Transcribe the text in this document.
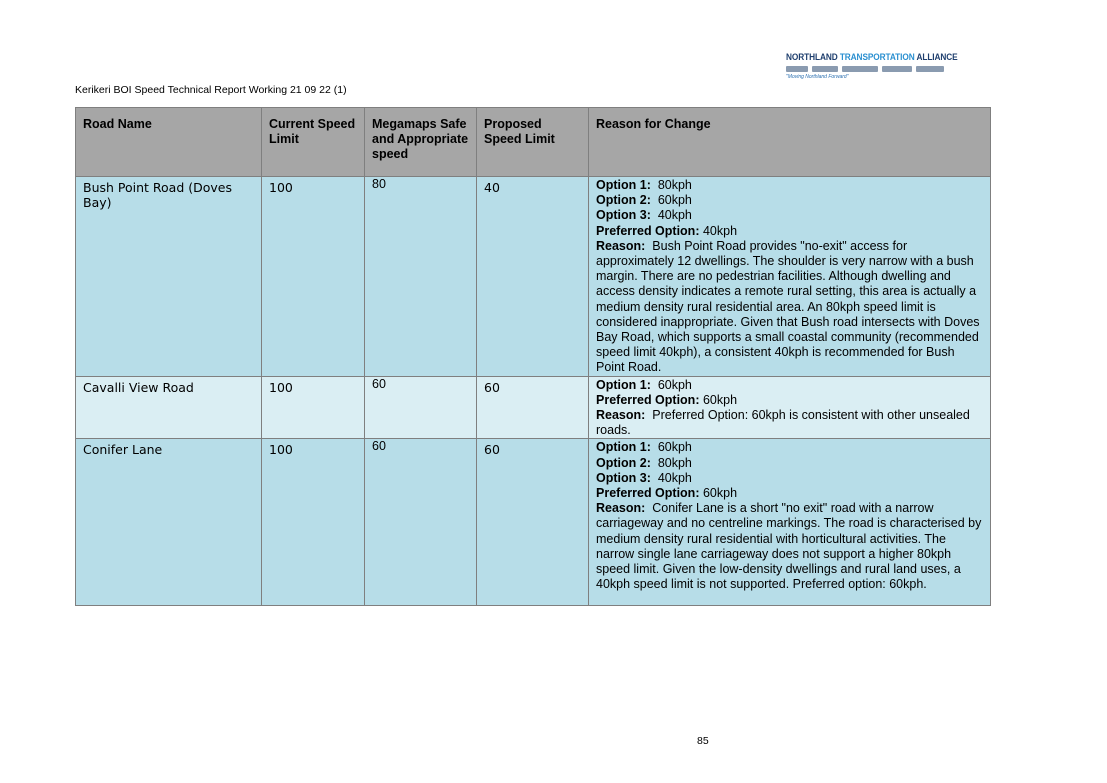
NORTHLAND TRANSPORTATION ALLIANCE
"Moving Northland Forward"
Kerikeri BOI Speed Technical Report Working 21 09 22 (1)
Road Name	Current Speed Limit	Megamaps Safe and Appropriate speed	Proposed Speed Limit	Reason for Change
Bush Point Road (Doves Bay)	100	80	40	Option 1: 80kph
Option 2: 60kph
Option 3: 40kph
Preferred Option: 40kph
Reason: Bush Point Road provides "no-exit" access for approximately 12 dwellings. The shoulder is very narrow with a bush margin. There are no pedestrian facilities. Although dwelling and access density indicates a remote rural setting, this area is actually a medium density rural residential area. An 80kph speed limit is considered inappropriate. Given that Bush road intersects with Doves Bay Road, which supports a small coastal community (recommended speed limit 40kph), a consistent 40kph is recommended for Bush Point Road.
Cavalli View Road	100	60	60	Option 1: 60kph
Preferred Option: 60kph
Reason: Preferred Option: 60kph is consistent with other unsealed roads.
Conifer Lane	100	60	60	Option 1: 60kph
Option 2: 80kph
Option 3: 40kph
Preferred Option: 60kph
Reason: Conifer Lane is a short "no exit" road with a narrow carriageway and no centreline markings. The road is characterised by medium density rural residential with horticultural activities. The narrow single lane carriageway does not support a higher 80kph speed limit. Given the low-density dwellings and rural land uses, a 40kph speed limit is not supported. Preferred option: 60kph.
85
